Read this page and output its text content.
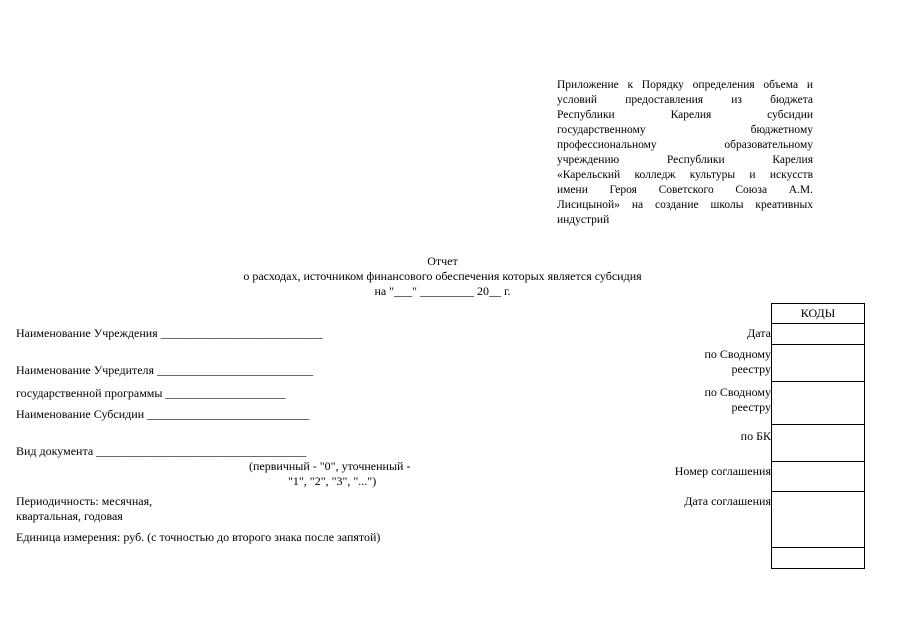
Приложение к Порядку определения объема и
условий предоставления из бюджета
Республики Карелия субсидии
государственному бюджетному
профессиональному образовательному
учреждению Республики Карелия
«Карельский колледж культуры и искусств
имени Героя Советского Союза А.М.
Лисицыной» на создание школы креативных
индустрий
Отчет
о расходах, источником финансового обеспечения которых является субсидия
на "___" _________ 20__ г.
Наименование Учреждения ___________________________
Наименование Учредителя __________________________
государственной программы ____________________
Наименование Субсидии ___________________________
Вид документа ___________________________________
(первичный - "0", уточненный -
"1", "2", "3", "...")
Периодичность: месячная,
квартальная, годовая
Единица измерения: руб. (с точностью до второго знака после запятой)
Дата
по Сводному
реестру
по Сводному
реестру
по БК
Номер соглашения
Дата соглашения
КОДЫ
